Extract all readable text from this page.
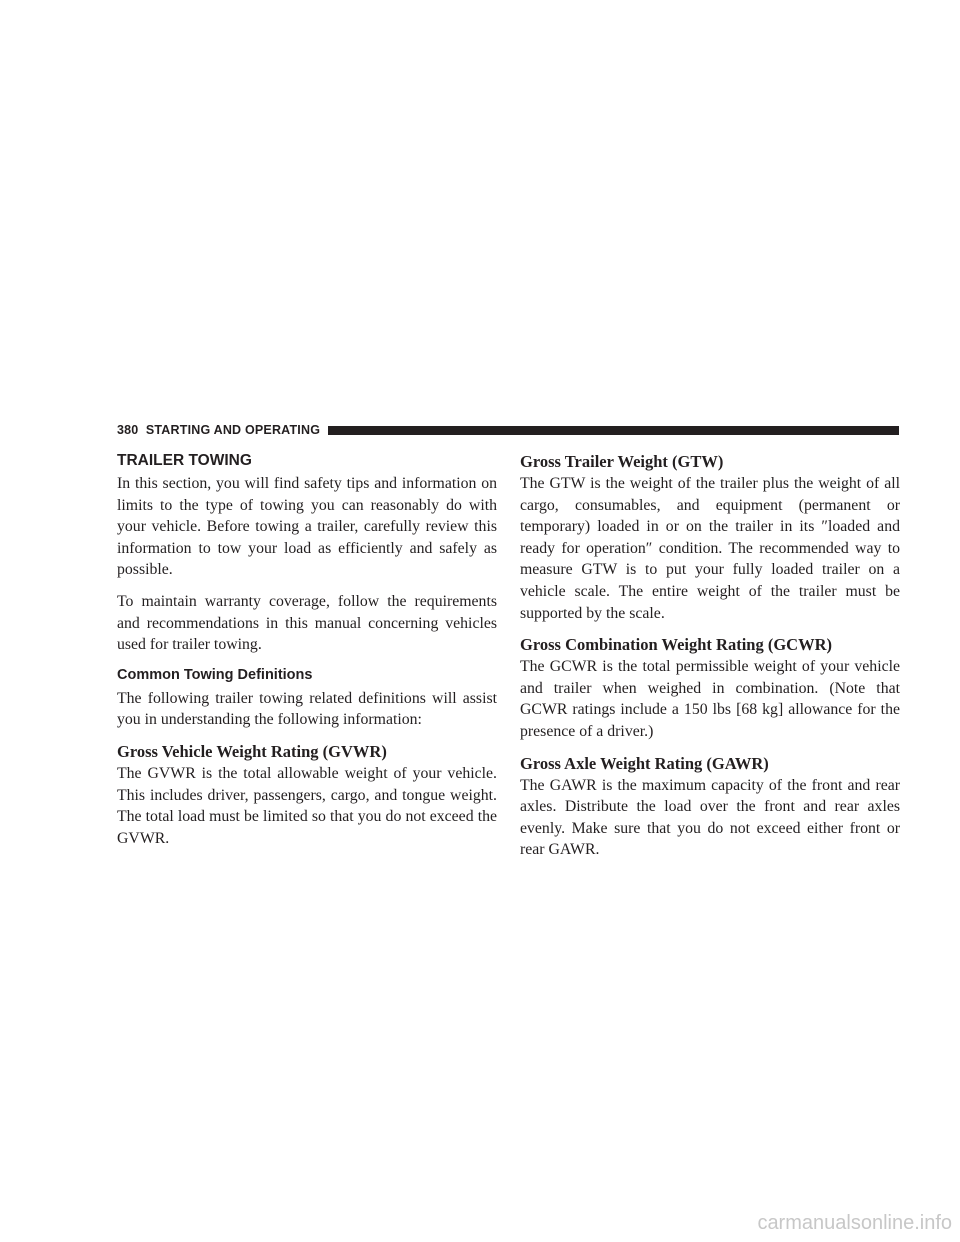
380 STARTING AND OPERATING
TRAILER TOWING

In this section, you will find safety tips and information on limits to the type of towing you can reasonably do with your vehicle. Before towing a trailer, carefully review this information to tow your load as efficiently and safely as possible.

To maintain warranty coverage, follow the requirements and recommendations in this manual concerning vehicles used for trailer towing.

Common Towing Definitions

The following trailer towing related definitions will assist you in understanding the following information:

Gross Vehicle Weight Rating (GVWR)

The GVWR is the total allowable weight of your vehicle. This includes driver, passengers, cargo, and tongue weight. The total load must be limited so that you do not exceed the GVWR.

Gross Trailer Weight (GTW)

The GTW is the weight of the trailer plus the weight of all cargo, consumables, and equipment (permanent or temporary) loaded in or on the trailer in its ″loaded and ready for operation″ condition. The recommended way to measure GTW is to put your fully loaded trailer on a vehicle scale. The entire weight of the trailer must be supported by the scale.

Gross Combination Weight Rating (GCWR)

The GCWR is the total permissible weight of your vehicle and trailer when weighed in combination. (Note that GCWR ratings include a 150 lbs [68 kg] allowance for the presence of a driver.)

Gross Axle Weight Rating (GAWR)

The GAWR is the maximum capacity of the front and rear axles. Distribute the load over the front and rear axles evenly. Make sure that you do not exceed either front or rear GAWR.

carmanualsonline.info
